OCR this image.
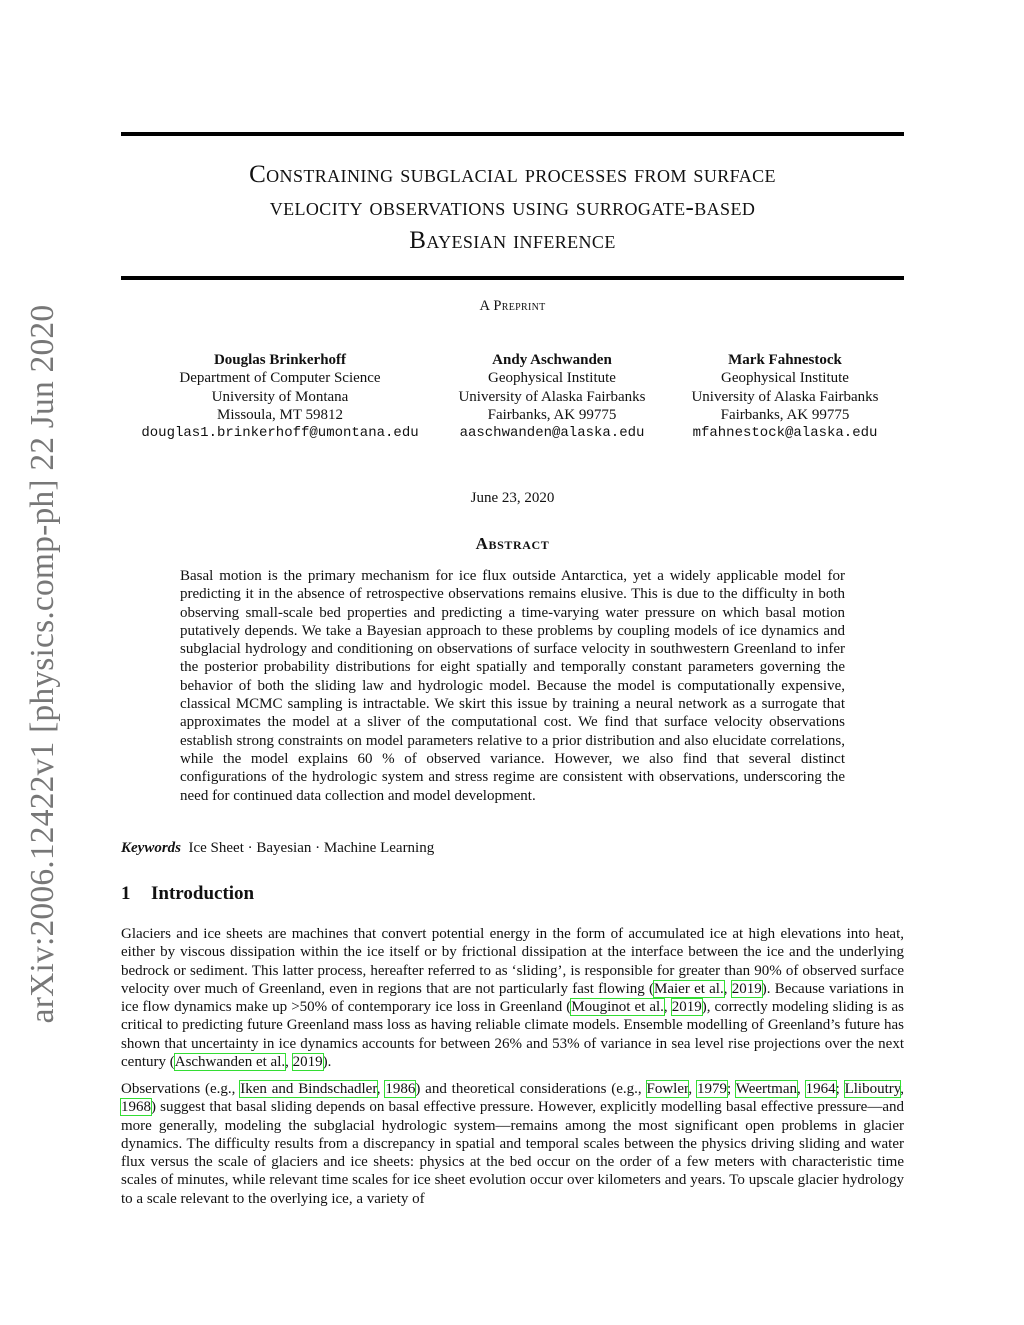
arXiv:2006.12422v1 [physics.comp-ph] 22 Jun 2020
Constraining subglacial processes from surface
velocity observations using surrogate-based
Bayesian inference
A Preprint
Douglas Brinkerhoff
Department of Computer Science
University of Montana
Missoula, MT 59812
douglas1.brinkerhoff@umontana.edu
Andy Aschwanden
Geophysical Institute
University of Alaska Fairbanks
Fairbanks, AK 99775
aaschwanden@alaska.edu
Mark Fahnestock
Geophysical Institute
University of Alaska Fairbanks
Fairbanks, AK 99775
mfahnestock@alaska.edu
June 23, 2020
Abstract
Basal motion is the primary mechanism for ice flux outside Antarctica, yet a widely applicable model for predicting it in the absence of retrospective observations remains elusive. This is due to the difficulty in both observing small-scale bed properties and predicting a time-varying water pressure on which basal motion putatively depends. We take a Bayesian approach to these problems by coupling models of ice dynamics and subglacial hydrology and conditioning on observations of surface velocity in southwestern Greenland to infer the posterior probability distributions for eight spatially and temporally constant parameters governing the behavior of both the sliding law and hydrologic model. Because the model is computationally expensive, classical MCMC sampling is intractable. We skirt this issue by training a neural network as a surrogate that approximates the model at a sliver of the computational cost. We find that surface velocity observations establish strong constraints on model parameters relative to a prior distribution and also elucidate correlations, while the model explains 60 % of observed variance. However, we also find that several distinct configurations of the hydrologic system and stress regime are consistent with observations, underscoring the need for continued data collection and model development.
Keywords Ice Sheet · Bayesian · Machine Learning
1 Introduction

Glaciers and ice sheets are machines that convert potential energy in the form of accumulated ice at high elevations into heat, either by viscous dissipation within the ice itself or by frictional dissipation at the interface between the ice and the underlying bedrock or sediment. This latter process, hereafter referred to as ‘sliding’, is responsible for greater than 90% of observed surface velocity over much of Greenland, even in regions that are not particularly fast flowing (Maier et al., 2019). Because variations in ice flow dynamics make up >50% of contemporary ice loss in Greenland (Mouginot et al., 2019), correctly modeling sliding is as critical to predicting future Greenland mass loss as having reliable climate models. Ensemble modelling of Greenland’s future has shown that uncertainty in ice dynamics accounts for between 26% and 53% of variance in sea level rise projections over the next century (Aschwanden et al., 2019).

Observations (e.g., Iken and Bindschadler, 1986) and theoretical considerations (e.g., Fowler, 1979; Weertman, 1964; Lliboutry, 1968) suggest that basal sliding depends on basal effective pressure. However, explicitly modelling basal effective pressure—and more generally, modeling the subglacial hydrologic system—remains among the most significant open problems in glacier dynamics. The difficulty results from a discrepancy in spatial and temporal scales between the physics driving sliding and water flux versus the scale of glaciers and ice sheets: physics at the bed occur on the order of a few meters with characteristic time scales of minutes, while relevant time scales for ice sheet evolution occur over kilometers and years. To upscale glacier hydrology to a scale relevant to the overlying ice, a variety of
